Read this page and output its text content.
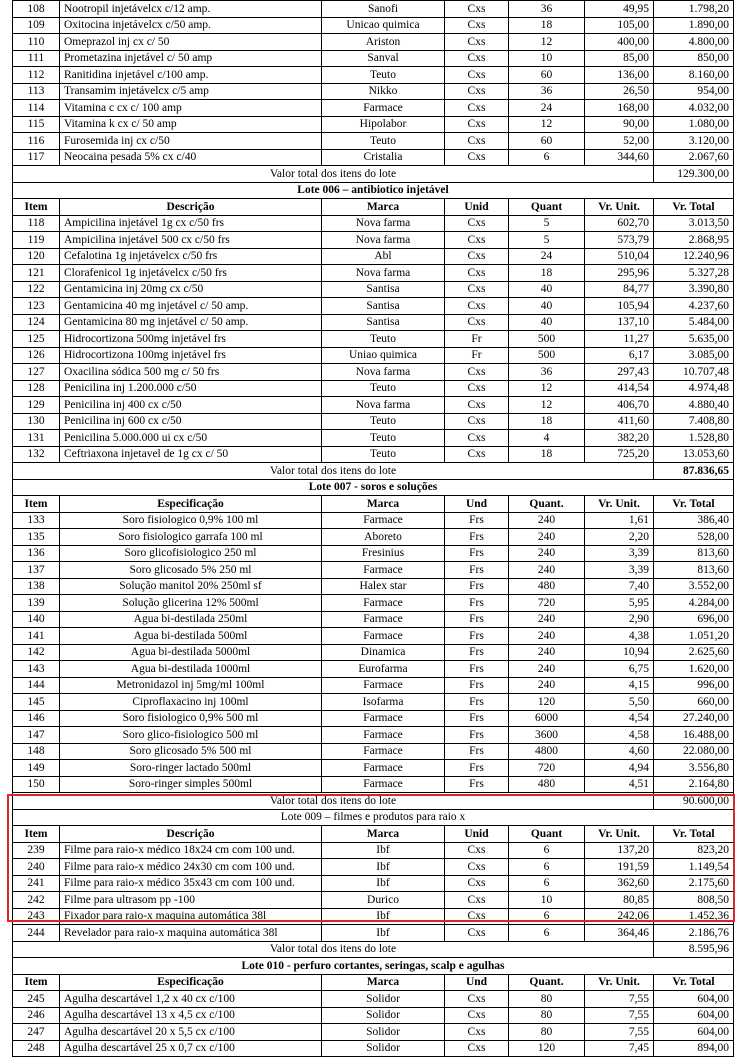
108	Nootropil injetávelcx c/12 amp.	Sanofi	Cxs	36	49,95	1.798,20
109	Oxitocina injetávelcx c/50 amp.	Unicao quimica	Cxs	18	105,00	1.890,00
110	Omeprazol inj cx c/ 50	Ariston	Cxs	12	400,00	4.800,00
111	Prometazina injetável c/ 50 amp	Sanval	Cxs	10	85,00	850,00
112	Ranitidina injetável c/100 amp.	Teuto	Cxs	60	136,00	8.160,00
113	Transamim injetávelcx c/5 amp	Nikko	Cxs	36	26,50	954,00
114	Vitamina c cx c/ 100 amp	Farmace	Cxs	24	168,00	4.032,00
115	Vitamina k cx c/ 50 amp	Hipolabor	Cxs	12	90,00	1.080,00
116	Furosemida inj cx c/50	Teuto	Cxs	60	52,00	3.120,00
117	Neocaina pesada 5% cx c/40	Cristalia	Cxs	6	344,60	2.067,60
Valor total dos itens do lote						129.300,00
Lote 006 – antibiotico injetável						
Item	Descrição	Marca	Unid	Quant	Vr. Unit.	Vr. Total
118	Ampicilina injetável 1g cx c/50 frs	Nova farma	Cxs	5	602,70	3.013,50
119	Ampicilina injetável 500 cx c/50 frs	Nova farma	Cxs	5	573,79	2.868,95
120	Cefalotina 1g injetávelcx c/50 frs	Abl	Cxs	24	510,04	12.240,96
121	Clorafenicol 1g injetávelcx c/50 frs	Nova farma	Cxs	18	295,96	5.327,28
122	Gentamicina inj 20mg cx c/50	Santisa	Cxs	40	84,77	3.390,80
123	Gentamicina 40 mg injetável c/ 50 amp.	Santisa	Cxs	40	105,94	4.237,60
124	Gentamicina 80 mg injetável c/ 50 amp.	Santisa	Cxs	40	137,10	5.484,00
125	Hidrocortizona 500mg injetável frs	Teuto	Fr	500	11,27	5.635,00
126	Hidrocortizona 100mg injetável frs	Uniao quimica	Fr	500	6,17	3.085,00
127	Oxacilina sódica 500 mg c/ 50 frs	Nova farma	Cxs	36	297,43	10.707,48
128	Penicilina inj 1.200.000 c/50	Teuto	Cxs	12	414,54	4.974,48
129	Penicilina inj 400 cx c/50	Nova farma	Cxs	12	406,70	4.880,40
130	Penicilina inj 600 cx c/50	Teuto	Cxs	18	411,60	7.408,80
131	Penicilina 5.000.000 ui cx c/50	Teuto	Cxs	4	382,20	1.528,80
132	Ceftriaxona injetavel de 1g cx c/ 50	Teuto	Cxs	18	725,20	13.053,60
Valor total dos itens do lote						87.836,65
Lote 007 - soros e soluções						
Item	Especificação	Marca	Und	Quant.	Vr. Unit.	Vr. Total
133	Soro fisiologico 0,9% 100 ml	Farmace	Frs	240	1,61	386,40
135	Soro fisiologico garrafa 100 ml	Aboreto	Frs	240	2,20	528,00
136	Soro glicofisiologico 250 ml	Fresinius	Frs	240	3,39	813,60
137	Soro glicosado 5% 250 ml	Farmace	Frs	240	3,39	813,60
138	Solução manitol 20% 250ml sf	Halex star	Frs	480	7,40	3.552,00
139	Solução glicerina 12% 500ml	Farmace	Frs	720	5,95	4.284,00
140	Agua bi-destilada 250ml	Farmace	Frs	240	2,90	696,00
141	Agua bi-destilada 500ml	Farmace	Frs	240	4,38	1.051,20
142	Agua bi-destilada 5000ml	Dinamica	Frs	240	10,94	2.625,60
143	Agua bi-destilada 1000ml	Eurofarma	Frs	240	6,75	1.620,00
144	Metronidazol inj 5mg/ml 100ml	Farmace	Frs	240	4,15	996,00
145	Ciproflaxacino inj 100ml	Isofarma	Frs	120	5,50	660,00
146	Soro fisiologico 0,9% 500 ml	Farmace	Frs	6000	4,54	27.240,00
147	Soro glico-fisiologico 500 ml	Farmace	Frs	3600	4,58	16.488,00
148	Soro glicosado 5% 500 ml	Farmace	Frs	4800	4,60	22.080,00
149	Soro-ringer lactado 500ml	Farmace	Frs	720	4,94	3.556,80
150	Soro-ringer simples 500ml	Farmace	Frs	480	4,51	2.164,80
Valor total dos itens do lote						90.600,00
Lote 009 – filmes e produtos para raio x						
Item	Descrição	Marca	Unid	Quant	Vr. Unit.	Vr. Total
239	Filme para raio-x médico 18x24 cm com 100 und.	Ibf	Cxs	6	137,20	823,20
240	Filme para raio-x médico 24x30 cm com 100 und.	Ibf	Cxs	6	191,59	1.149,54
241	Filme para raio-x médico 35x43 cm com 100 und.	Ibf	Cxs	6	362,60	2.175,60
242	Filme para ultrasom pp -100	Durico	Cxs	10	80,85	808,50
243	Fixador para raio-x maquina automática 38l	Ibf	Cxs	6	242,06	1.452,36
244	Revelador para raio-x maquina automática 38l	Ibf	Cxs	6	364,46	2.186,76
Valor total dos itens do lote						8.595,96
Lote 010 - perfuro cortantes, seringas, scalp e agulhas						
Item	Especificação	Marca	Und	Quant.	Vr. Unit.	Vr. Total
245	Agulha descartável 1,2 x 40 cx c/100	Solidor	Cxs	80	7,55	604,00
246	Agulha descartável 13 x 4,5 cx c/100	Solidor	Cxs	80	7,55	604,00
247	Agulha descartável 20 x 5,5 cx c/100	Solidor	Cxs	80	7,55	604,00
248	Agulha descartável 25 x 0,7 cx c/100	Solidor	Cxs	120	7,45	894,00
